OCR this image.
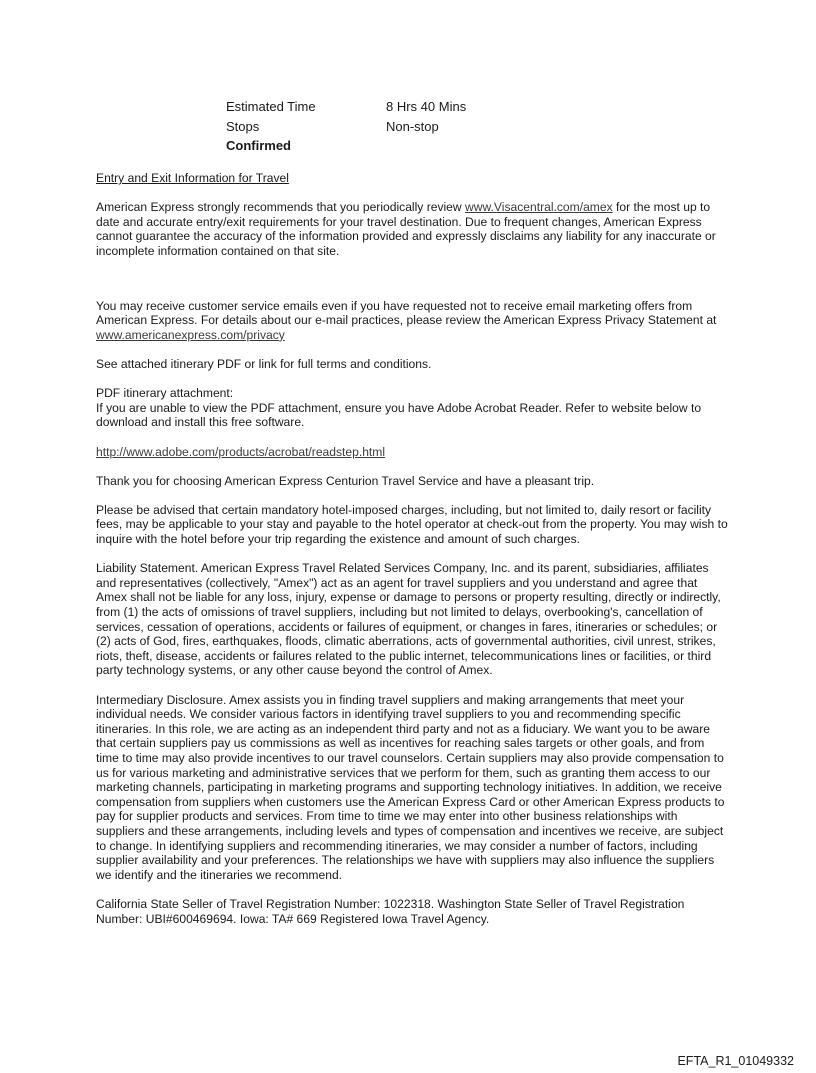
Estimated Time	8 Hrs 40 Mins
Stops	Non-stop
Confirmed

Entry and Exit Information for Travel

American Express strongly recommends that you periodically review www.Visacentral.com/amex for the most up to date and accurate entry/exit requirements for your travel destination. Due to frequent changes, American Express cannot guarantee the accuracy of the information provided and expressly disclaims any liability for any inaccurate or incomplete information contained on that site.

You may receive customer service emails even if you have requested not to receive email marketing offers from American Express. For details about our e-mail practices, please review the American Express Privacy Statement at www.americanexpress.com/privacy

See attached itinerary PDF or link for full terms and conditions.

PDF itinerary attachment:
If you are unable to view the PDF attachment, ensure you have Adobe Acrobat Reader. Refer to website below to download and install this free software.

http://www.adobe.com/products/acrobat/readstep.html

Thank you for choosing American Express Centurion Travel Service and have a pleasant trip.

Please be advised that certain mandatory hotel-imposed charges, including, but not limited to, daily resort or facility fees, may be applicable to your stay and payable to the hotel operator at check-out from the property. You may wish to inquire with the hotel before your trip regarding the existence and amount of such charges.

Liability Statement. American Express Travel Related Services Company, Inc. and its parent, subsidiaries, affiliates and representatives (collectively, "Amex") act as an agent for travel suppliers and you understand and agree that Amex shall not be liable for any loss, injury, expense or damage to persons or property resulting, directly or indirectly, from (1) the acts of omissions of travel suppliers, including but not limited to delays, overbooking's, cancellation of services, cessation of operations, accidents or failures of equipment, or changes in fares, itineraries or schedules; or (2) acts of God, fires, earthquakes, floods, climatic aberrations, acts of governmental authorities, civil unrest, strikes, riots, theft, disease, accidents or failures related to the public internet, telecommunications lines or facilities, or third party technology systems, or any other cause beyond the control of Amex.

Intermediary Disclosure. Amex assists you in finding travel suppliers and making arrangements that meet your individual needs. We consider various factors in identifying travel suppliers to you and recommending specific itineraries. In this role, we are acting as an independent third party and not as a fiduciary. We want you to be aware that certain suppliers pay us commissions as well as incentives for reaching sales targets or other goals, and from time to time may also provide incentives to our travel counselors. Certain suppliers may also provide compensation to us for various marketing and administrative services that we perform for them, such as granting them access to our marketing channels, participating in marketing programs and supporting technology initiatives. In addition, we receive compensation from suppliers when customers use the American Express Card or other American Express products to pay for supplier products and services. From time to time we may enter into other business relationships with suppliers and these arrangements, including levels and types of compensation and incentives we receive, are subject to change. In identifying suppliers and recommending itineraries, we may consider a number of factors, including supplier availability and your preferences. The relationships we have with suppliers may also influence the suppliers we identify and the itineraries we recommend.

California State Seller of Travel Registration Number: 1022318. Washington State Seller of Travel Registration Number: UBI#600469694. Iowa: TA# 669 Registered Iowa Travel Agency.

EFTA_R1_01049332
